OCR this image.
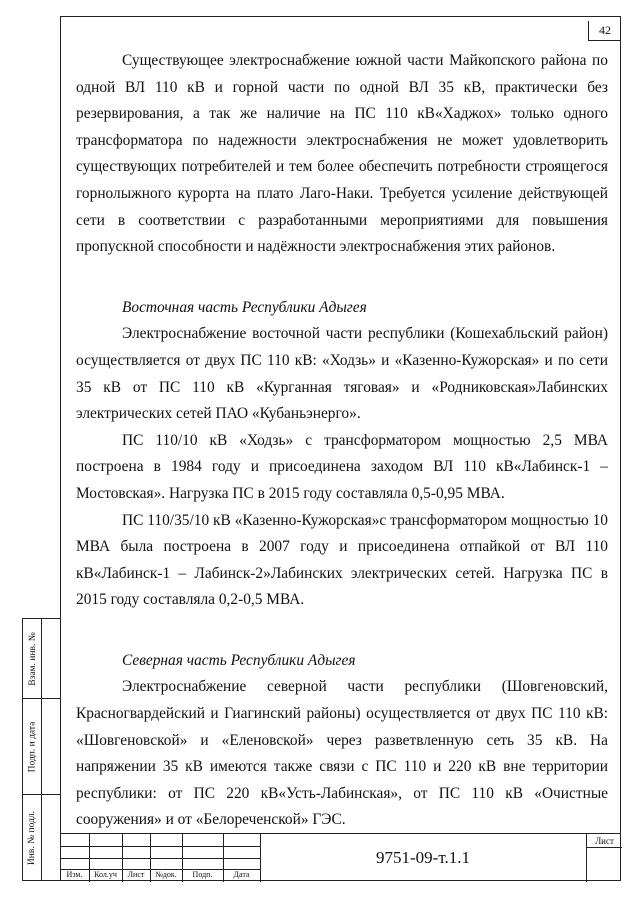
42

Существующее электроснабжение южной части Майкопского района по одной ВЛ 110 кВ и горной части по одной ВЛ 35 кВ, практически без резервирования, а так же наличие на ПС 110 кВ«Хаджох» только одного трансформатора по надежности электроснабжения не может удовлетворить существующих потребителей и тем более обеспечить потребности строящегося горнолыжного курорта на плато Лаго-Наки. Требуется усиление действующей сети в соответствии с разработанными мероприятиями для повышения пропускной способности и надёжности электроснабжения этих районов.

Восточная часть Республики Адыгея

Электроснабжение восточной части республики (Кошехабльский район) осуществляется от двух ПС 110 кВ: «Ходзь» и «Казенно-Кужорская» и по сети 35 кВ от ПС 110 кВ «Курганная тяговая» и «Родниковская»Лабинских электрических сетей ПАО «Кубаньэнерго».

ПС 110/10 кВ «Ходзь» с трансформатором мощностью 2,5 МВА построена в 1984 году и присоединена заходом ВЛ 110 кВ«Лабинск-1 – Мостовская». Нагрузка ПС в 2015 году составляла 0,5-0,95 МВА.

ПС 110/35/10 кВ «Казенно-Кужорская»с трансформатором мощностью 10 МВА была построена в 2007 году и присоединена отпайкой от ВЛ 110 кВ«Лабинск-1 – Лабинск-2»Лабинских электрических сетей. Нагрузка ПС в 2015 году составляла 0,2-0,5 МВА.

Северная часть Республики Адыгея

Электроснабжение северной части республики (Шовгеновский, Красногвардейский и Гиагинский районы) осуществляется от двух ПС 110 кВ: «Шовгеновской» и «Еленовской» через разветвленную сеть 35 кВ. На напряжении 35 кВ имеются также связи с ПС 110 и 220 кВ вне территории республики: от ПС 220 кВ«Усть-Лабинская», от ПС 110 кВ «Очистные сооружения» и от «Белореченской» ГЭС.

Взам. инв. №
Подп. и дата
Инв. № подл.
Изм.	Кол.уч	Лист	№док.	Подп.	Дата
9751-09-т.1.1
Лист
